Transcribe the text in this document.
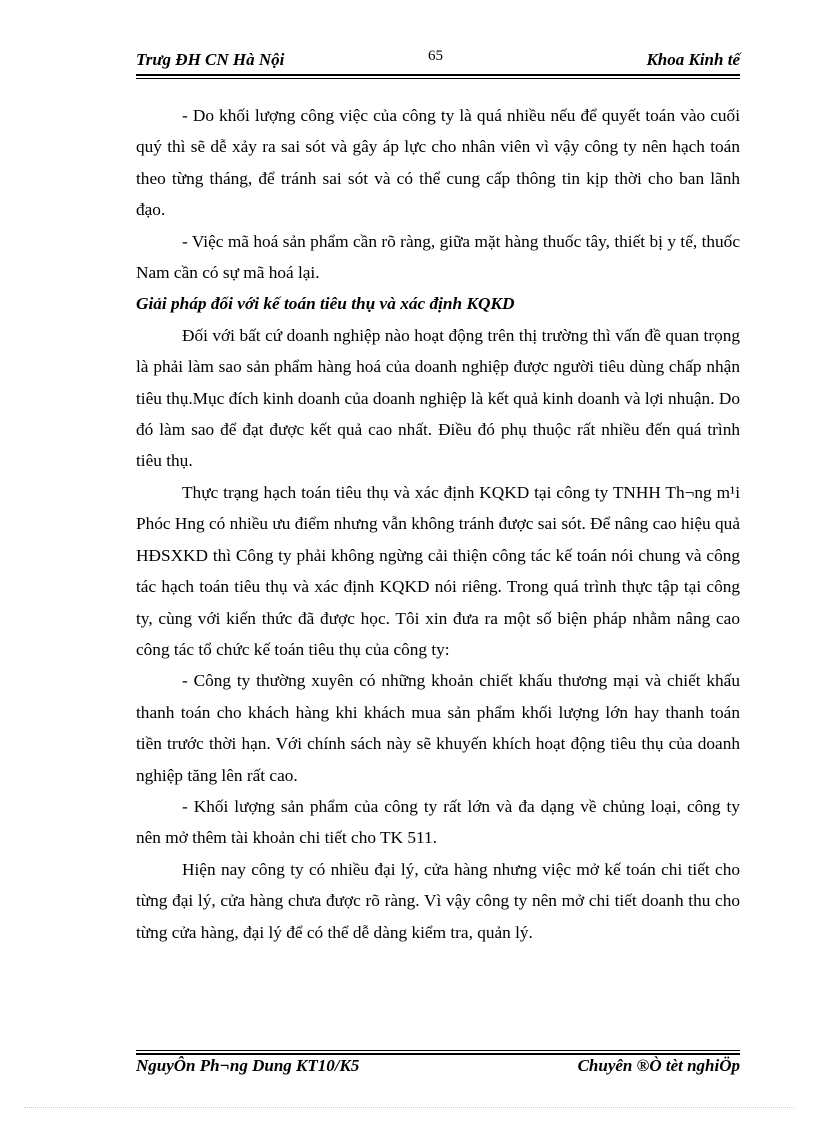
Trưg ĐH CN Hà Nội	65	Khoa Kinh tế

- Do khối lượng công việc của công ty là quá nhiều nếu để quyết toán vào cuối quý thì sẽ dễ xảy ra sai sót và gây áp lực cho nhân viên vì vậy công ty nên hạch toán theo từng tháng, để tránh sai sót và có thể cung cấp thông tin kịp thời cho ban lãnh đạo.

- Việc mã hoá sản phẩm cần rõ ràng, giữa mặt hàng thuốc tây, thiết bị y tế, thuốc Nam cần có sự mã hoá lại.

Giải pháp đối với kế toán tiêu thụ và xác định KQKD

Đối với bất cứ doanh nghiệp nào hoạt động trên thị trường thì vấn đề quan trọng là phải làm sao sản phẩm hàng hoá của doanh nghiệp được người tiêu dùng chấp nhận tiêu thụ.Mục đích kinh doanh của doanh nghiệp là kết quả kinh doanh và lợi nhuận. Do đó làm sao để đạt được kết quả cao nhất. Điều đó phụ thuộc rất nhiều đến quá trình tiêu thụ.

Thực trạng hạch toán tiêu thụ và xác định KQKD tại công ty TNHH Th¬ng m¹i Phóc Hng có nhiều ưu điểm nhưng vẫn không tránh được sai sót. Để nâng cao hiệu quả HĐSXKD thì Công ty phải không ngừng cải thiện công tác kế toán nói chung và công tác hạch toán tiêu thụ và xác định KQKD nói riêng. Trong quá trình thực tập tại công ty, cùng với kiến thức đã được học. Tôi xin đưa ra một số biện pháp nhằm nâng cao công tác tổ chức kế toán tiêu thụ của công ty:

- Công ty thường xuyên có những khoản chiết khấu thương mại và chiết khấu thanh toán cho khách hàng khi khách mua sản phẩm khối lượng lớn hay thanh toán tiền trước thời hạn. Với chính sách này sẽ khuyến khích hoạt động tiêu thụ của doanh nghiệp tăng lên rất cao.

- Khối lượng sản phẩm của công ty rất lớn và đa dạng về chủng loại, công ty nên mở thêm tài khoản chi tiết cho TK 511.

Hiện nay công ty có nhiều đại lý, cửa hàng nhưng việc mở kế toán chi tiết cho từng đại lý, cửa hàng chưa được rõ ràng. Vì vậy công ty nên mở chi tiết doanh thu cho từng cửa hàng, đại lý để có thể dễ dàng kiểm tra, quản lý.

NguyÔn Ph¬ng Dung KT10/K5	Chuyên ®Ò tèt nghiÖp
